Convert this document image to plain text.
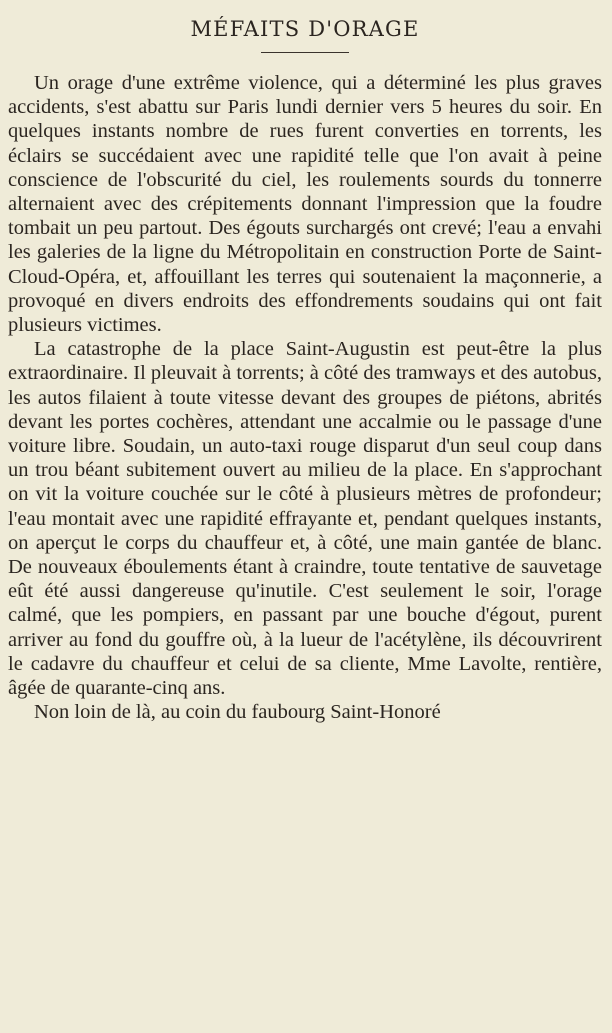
MÉFAITS D'ORAGE

Un orage d'une extrême violence, qui a déterminé les plus graves accidents, s'est abattu sur Paris lundi dernier vers 5 heures du soir. En quelques instants nombre de rues furent converties en torrents, les éclairs se succédaient avec une rapidité telle que l'on avait à peine conscience de l'obscurité du ciel, les roulements sourds du tonnerre alternaient avec des crépitements donnant l'impression que la foudre tombait un peu partout. Des égouts surchargés ont crevé; l'eau a envahi les galeries de la ligne du Métropolitain en construction Porte de Saint-Cloud-Opéra, et, affouillant les terres qui soutenaient la maçonnerie, a provoqué en divers endroits des effondrements soudains qui ont fait plusieurs victimes.

La catastrophe de la place Saint-Augustin est peut-être la plus extraordinaire. Il pleuvait à torrents; à côté des tramways et des autobus, les autos filaient à toute vitesse devant des groupes de piétons, abrités devant les portes cochères, attendant une accalmie ou le passage d'une voiture libre. Soudain, un auto-taxi rouge disparut d'un seul coup dans un trou béant subitement ouvert au milieu de la place. En s'approchant on vit la voiture couchée sur le côté à plusieurs mètres de profondeur; l'eau montait avec une rapidité effrayante et, pendant quelques instants, on aperçut le corps du chauffeur et, à côté, une main gantée de blanc. De nouveaux éboulements étant à craindre, toute tentative de sauvetage eût été aussi dangereuse qu'inutile. C'est seulement le soir, l'orage calmé, que les pompiers, en passant par une bouche d'égout, purent arriver au fond du gouffre où, à la lueur de l'acétylène, ils découvrirent le cadavre du chauffeur et celui de sa cliente, Mme Lavolte, rentière, âgée de quarante-cinq ans.

Non loin de là, au coin du faubourg Saint-Honoré
